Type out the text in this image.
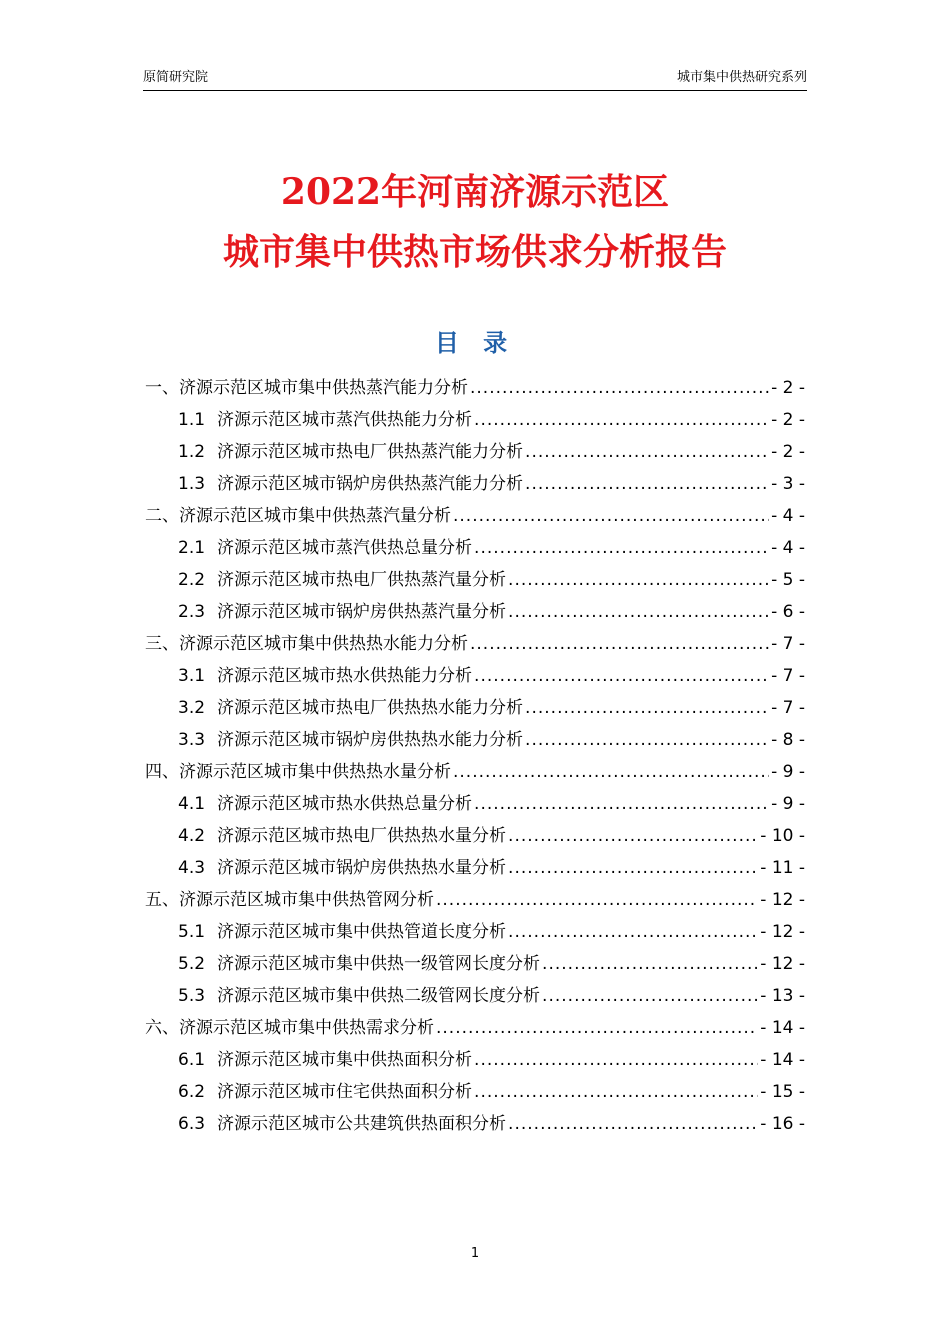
原简研究院	城市集中供热研究系列
2022年河南济源示范区
城市集中供热市场供求分析报告
目 录
一、济源示范区城市集中供热蒸汽能力分析 .....	- 2 -
1.1 济源示范区城市蒸汽供热能力分析 .....	- 2 -
1.2 济源示范区城市热电厂供热蒸汽能力分析 .....	- 2 -
1.3 济源示范区城市锅炉房供热蒸汽能力分析 .....	- 3 -
二、济源示范区城市集中供热蒸汽量分析 .....	- 4 -
2.1 济源示范区城市蒸汽供热总量分析 .....	- 4 -
2.2 济源示范区城市热电厂供热蒸汽量分析 .....	- 5 -
2.3 济源示范区城市锅炉房供热蒸汽量分析 .....	- 6 -
三、济源示范区城市集中供热热水能力分析 .....	- 7 -
3.1 济源示范区城市热水供热能力分析 .....	- 7 -
3.2 济源示范区城市热电厂供热热水能力分析 .....	- 7 -
3.3 济源示范区城市锅炉房供热热水能力分析 .....	- 8 -
四、济源示范区城市集中供热热水量分析 .....	- 9 -
4.1 济源示范区城市热水供热总量分析 .....	- 9 -
4.2 济源示范区城市热电厂供热热水量分析 .....	- 10 -
4.3 济源示范区城市锅炉房供热热水量分析 .....	- 11 -
五、济源示范区城市集中供热管网分析 .....	- 12 -
5.1 济源示范区城市集中供热管道长度分析 .....	- 12 -
5.2 济源示范区城市集中供热一级管网长度分析 .....	- 12 -
5.3 济源示范区城市集中供热二级管网长度分析 .....	- 13 -
六、济源示范区城市集中供热需求分析 .....	- 14 -
6.1 济源示范区城市集中供热面积分析 .....	- 14 -
6.2 济源示范区城市住宅供热面积分析 .....	- 15 -
6.3 济源示范区城市公共建筑供热面积分析 .....	- 16 -
1
